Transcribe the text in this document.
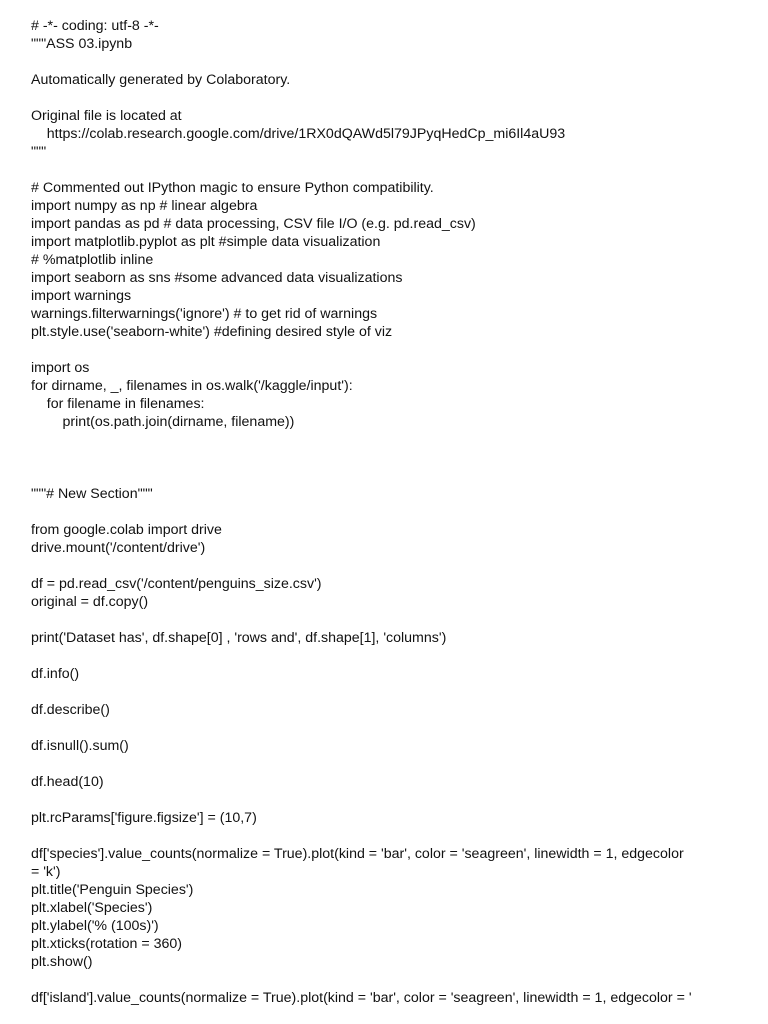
# -*- coding: utf-8 -*-
"""ASS 03.ipynb
Automatically generated by Colaboratory.
Original file is located at
https://colab.research.google.com/drive/1RX0dQAWd5l79JPyqHedCp_mi6Il4aU93
"""
# Commented out IPython magic to ensure Python compatibility.
import numpy as np # linear algebra
import pandas as pd # data processing, CSV file I/O (e.g. pd.read_csv)
import matplotlib.pyplot as plt #simple data visualization
# %matplotlib inline
import seaborn as sns #some advanced data visualizations
import warnings
warnings.filterwarnings('ignore') # to get rid of warnings
plt.style.use('seaborn-white') #defining desired style of viz
import os
for dirname, _, filenames in os.walk('/kaggle/input'):
for filename in filenames:
print(os.path.join(dirname, filename))
"""# New Section"""
from google.colab import drive
drive.mount('/content/drive')
df = pd.read_csv('/content/penguins_size.csv')
original = df.copy()
print('Dataset has', df.shape[0] , 'rows and', df.shape[1], 'columns')
df.info()
df.describe()
df.isnull().sum()
df.head(10)
plt.rcParams['figure.figsize'] = (10,7)
df['species'].value_counts(normalize = True).plot(kind = 'bar', color = 'seagreen', linewidth = 1, edgecolor
= 'k')
plt.title('Penguin Species')
plt.xlabel('Species')
plt.ylabel('% (100s)')
plt.xticks(rotation = 360)
plt.show()
df['island'].value_counts(normalize = True).plot(kind = 'bar', color = 'seagreen', linewidth = 1, edgecolor = '
